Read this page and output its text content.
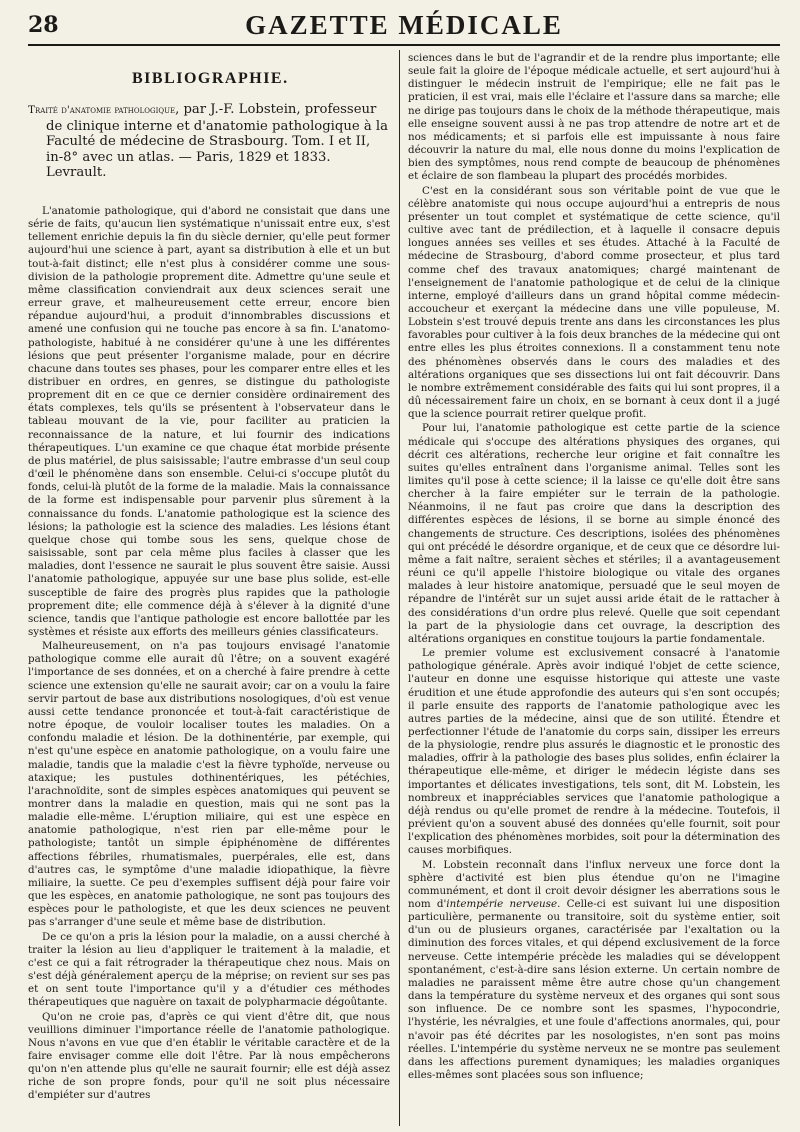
28	GAZETTE MÉDICALE
BIBLIOGRAPHIE.
Traité d'anatomie pathologique, par J.-F. Lobstein, professeur de clinique interne et d'anatomie pathologique à la Faculté de médecine de Strasbourg. Tom. I et II, in-8° avec un atlas. — Paris, 1829 et 1833. Levrault.

L'anatomie pathologique, qui d'abord ne consistait que dans une série de faits, qu'aucun lien systématique n'unissait entre eux, s'est tellement enrichie depuis la fin du siècle dernier, qu'elle peut former aujourd'hui une science à part, ayant sa distribution à elle et un but tout-à-fait distinct; elle n'est plus à considérer comme une sous-division de la pathologie proprement dite. Admettre qu'une seule et même classification conviendrait aux deux sciences serait une erreur grave, et malheureusement cette erreur, encore bien répandue aujourd'hui, a produit d'innombrables discussions et amené une confusion qui ne touche pas encore à sa fin. L'anatomo-pathologiste, habitué à ne considérer qu'une à une les différentes lésions que peut présenter l'organisme malade, pour en décrire chacune dans toutes ses phases, pour les comparer entre elles et les distribuer en ordres, en genres, se distingue du pathologiste proprement dit en ce que ce dernier considère ordinairement des états complexes, tels qu'ils se présentent à l'observateur dans le tableau mouvant de la vie, pour faciliter au praticien la reconnaissance de la nature, et lui fournir des indications thérapeutiques. L'un examine ce que chaque état morbide présente de plus matériel, de plus saisissable; l'autre embrasse d'un seul coup d'œil le phénomène dans son ensemble. Celui-ci s'occupe plutôt du fonds, celui-là plutôt de la forme de la maladie. Mais la connaissance de la forme est indispensable pour parvenir plus sûrement à la connaissance du fonds. L'anatomie pathologique est la science des lésions; la pathologie est la science des maladies. Les lésions étant quelque chose qui tombe sous les sens, quelque chose de saisissable, sont par cela même plus faciles à classer que les maladies, dont l'essence ne saurait le plus souvent être saisie. Aussi l'anatomie pathologique, appuyée sur une base plus solide, est-elle susceptible de faire des progrès plus rapides que la pathologie proprement dite; elle commence déjà à s'élever à la dignité d'une science, tandis que l'antique pathologie est encore ballottée par les systèmes et résiste aux efforts des meilleurs génies classificateurs.

Malheureusement, on n'a pas toujours envisagé l'anatomie pathologique comme elle aurait dû l'être; on a souvent exagéré l'importance de ses données, et on a cherché à faire prendre à cette science une extension qu'elle ne saurait avoir; car on a voulu la faire servir partout de base aux distributions nosologiques, d'où est venue aussi cette tendance prononcée et tout-à-fait caractéristique de notre époque, de vouloir localiser toutes les maladies. On a confondu maladie et lésion. De la dothinentérie, par exemple, qui n'est qu'une espèce en anatomie pathologique, on a voulu faire une maladie, tandis que la maladie c'est la fièvre typhoïde, nerveuse ou ataxique; les pustules dothinentériques, les pétéchies, l'arachnoïdite, sont de simples espèces anatomiques qui peuvent se montrer dans la maladie en question, mais qui ne sont pas la maladie elle-même. L'éruption miliaire, qui est une espèce en anatomie pathologique, n'est rien par elle-même pour le pathologiste; tantôt un simple épiphénomène de différentes affections fébriles, rhumatismales, puerpérales, elle est, dans d'autres cas, le symptôme d'une maladie idiopathique, la fièvre miliaire, la suette. Ce peu d'exemples suffisent déjà pour faire voir que les espèces, en anatomie pathologique, ne sont pas toujours des espèces pour le pathologiste, et que les deux sciences ne peuvent pas s'arranger d'une seule et même base de distribution.

De ce qu'on a pris la lésion pour la maladie, on a aussi cherché à traiter la lésion au lieu d'appliquer le traitement à la maladie, et c'est ce qui a fait rétrograder la thérapeutique chez nous. Mais on s'est déjà généralement aperçu de la méprise; on revient sur ses pas et on sent toute l'importance qu'il y a d'étudier ces méthodes thérapeutiques que naguère on taxait de polypharmacie dégoûtante.

Qu'on ne croie pas, d'après ce qui vient d'être dit, que nous veuillions diminuer l'importance réelle de l'anatomie pathologique. Nous n'avons en vue que d'en établir le véritable caractère et de la faire envisager comme elle doit l'être. Par là nous empêcherons qu'on n'en attende plus qu'elle ne saurait fournir; elle est déjà assez riche de son propre fonds, pour qu'il ne soit plus nécessaire d'empiéter sur d'autres

sciences dans le but de l'agrandir et de la rendre plus importante; elle seule fait la gloire de l'époque médicale actuelle, et sert aujourd'hui à distinguer le médecin instruit de l'empirique; elle ne fait pas le praticien, il est vrai, mais elle l'éclaire et l'assure dans sa marche; elle ne dirige pas toujours dans le choix de la méthode thérapeutique, mais elle enseigne souvent aussi à ne pas trop attendre de notre art et de nos médicaments; et si parfois elle est impuissante à nous faire découvrir la nature du mal, elle nous donne du moins l'explication de bien des symptômes, nous rend compte de beaucoup de phénomènes et éclaire de son flambeau la plupart des procédés morbides.

C'est en la considérant sous son véritable point de vue que le célèbre anatomiste qui nous occupe aujourd'hui a entrepris de nous présenter un tout complet et systématique de cette science, qu'il cultive avec tant de prédilection, et à laquelle il consacre depuis longues années ses veilles et ses études. Attaché à la Faculté de médecine de Strasbourg, d'abord comme prosecteur, et plus tard comme chef des travaux anatomiques; chargé maintenant de l'enseignement de l'anatomie pathologique et de celui de la clinique interne, employé d'ailleurs dans un grand hôpital comme médecin-accoucheur et exerçant la médecine dans une ville populeuse, M. Lobstein s'est trouvé depuis trente ans dans les circonstances les plus favorables pour cultiver à la fois deux branches de la médecine qui ont entre elles les plus étroites connexions. Il a constamment tenu note des phénomènes observés dans le cours des maladies et des altérations organiques que ses dissections lui ont fait découvrir. Dans le nombre extrêmement considérable des faits qui lui sont propres, il a dû nécessairement faire un choix, en se bornant à ceux dont il a jugé que la science pourrait retirer quelque profit.

Pour lui, l'anatomie pathologique est cette partie de la science médicale qui s'occupe des altérations physiques des organes, qui décrit ces altérations, recherche leur origine et fait connaître les suites qu'elles entraînent dans l'organisme animal. Telles sont les limites qu'il pose à cette science; il la laisse ce qu'elle doit être sans chercher à la faire empiéter sur le terrain de la pathologie. Néanmoins, il ne faut pas croire que dans la description des différentes espèces de lésions, il se borne au simple énoncé des changements de structure. Ces descriptions, isolées des phénomènes qui ont précédé le désordre organique, et de ceux que ce désordre lui-même a fait naître, seraient sèches et stériles; il a avantageusement réuni ce qu'il appelle l'histoire biologique ou vitale des organes malades à leur histoire anatomique, persuadé que le seul moyen de répandre de l'intérêt sur un sujet aussi aride était de le rattacher à des considérations d'un ordre plus relevé. Quelle que soit cependant la part de la physiologie dans cet ouvrage, la description des altérations organiques en constitue toujours la partie fondamentale.

Le premier volume est exclusivement consacré à l'anatomie pathologique générale. Après avoir indiqué l'objet de cette science, l'auteur en donne une esquisse historique qui atteste une vaste érudition et une étude approfondie des auteurs qui s'en sont occupés; il parle ensuite des rapports de l'anatomie pathologique avec les autres parties de la médecine, ainsi que de son utilité. Étendre et perfectionner l'étude de l'anatomie du corps sain, dissiper les erreurs de la physiologie, rendre plus assurés le diagnostic et le pronostic des maladies, offrir à la pathologie des bases plus solides, enfin éclairer la thérapeutique elle-même, et diriger le médecin légiste dans ses importantes et délicates investigations, tels sont, dit M. Lobstein, les nombreux et inappréciables services que l'anatomie pathologique a déjà rendus ou qu'elle promet de rendre à la médecine. Toutefois, il prévient qu'on a souvent abusé des données qu'elle fournit, soit pour l'explication des phénomènes morbides, soit pour la détermination des causes morbifiques.

M. Lobstein reconnaît dans l'influx nerveux une force dont la sphère d'activité est bien plus étendue qu'on ne l'imagine communément, et dont il croit devoir désigner les aberrations sous le nom d'intempérie nerveuse. Celle-ci est suivant lui une disposition particulière, permanente ou transitoire, soit du système entier, soit d'un ou de plusieurs organes, caractérisée par l'exaltation ou la diminution des forces vitales, et qui dépend exclusivement de la force nerveuse. Cette intempérie précède les maladies qui se développent spontanément, c'est-à-dire sans lésion externe. Un certain nombre de maladies ne paraissent même être autre chose qu'un changement dans la température du système nerveux et des organes qui sont sous son influence. De ce nombre sont les spasmes, l'hypocondrie, l'hystérie, les névralgies, et une foule d'affections anormales, qui, pour n'avoir pas été décrites par les nosologistes, n'en sont pas moins réelles. L'intempérie du système nerveux ne se montre pas seulement dans les affections purement dynamiques; les maladies organiques elles-mêmes sont placées sous son influence;
